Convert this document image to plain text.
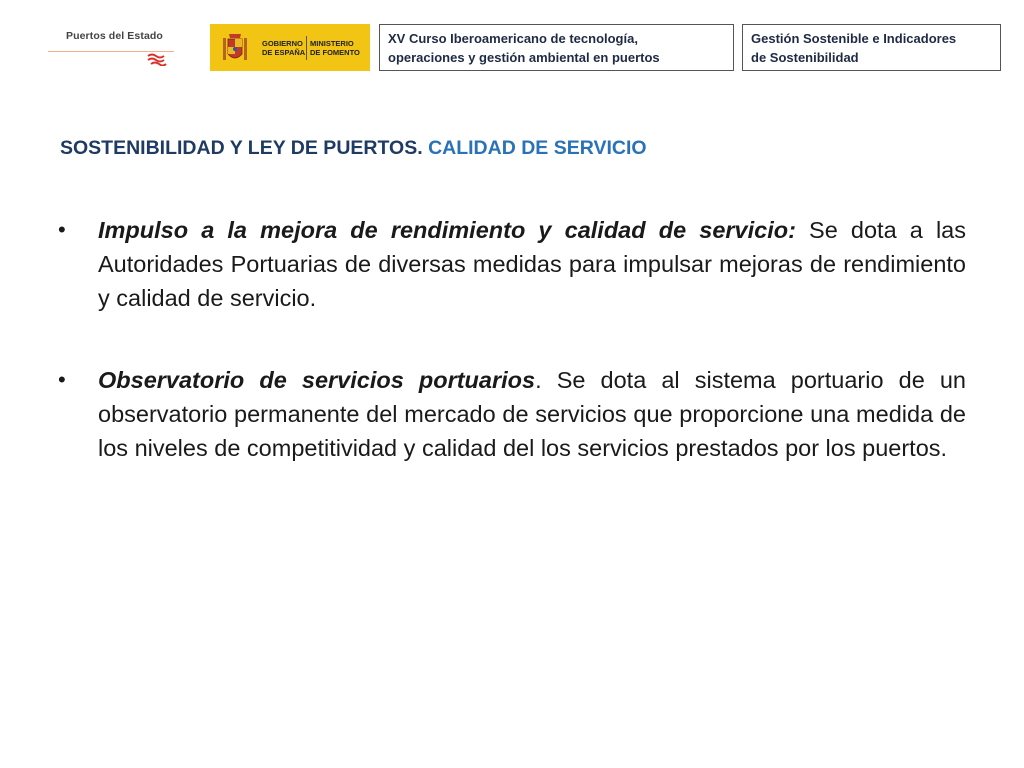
Puertos del Estado
GOBIERNO
DE ESPAÑA
MINISTERIO
DE FOMENTO
XV Curso Iberoamericano de tecnología,
operaciones y gestión ambiental en puertos
Gestión Sostenible e Indicadores
de Sostenibilidad
SOSTENIBILIDAD Y LEY DE PUERTOS. CALIDAD DE SERVICIO
• Impulso a la mejora de rendimiento y calidad de servicio: Se dota a las Autoridades Portuarias de diversas medidas para impulsar mejoras de rendimiento y calidad de servicio.
• Observatorio de servicios portuarios. Se dota al sistema portuario de un observatorio permanente del mercado de servicios que proporcione una medida de los niveles de competitividad y calidad del los servicios prestados por los puertos.
